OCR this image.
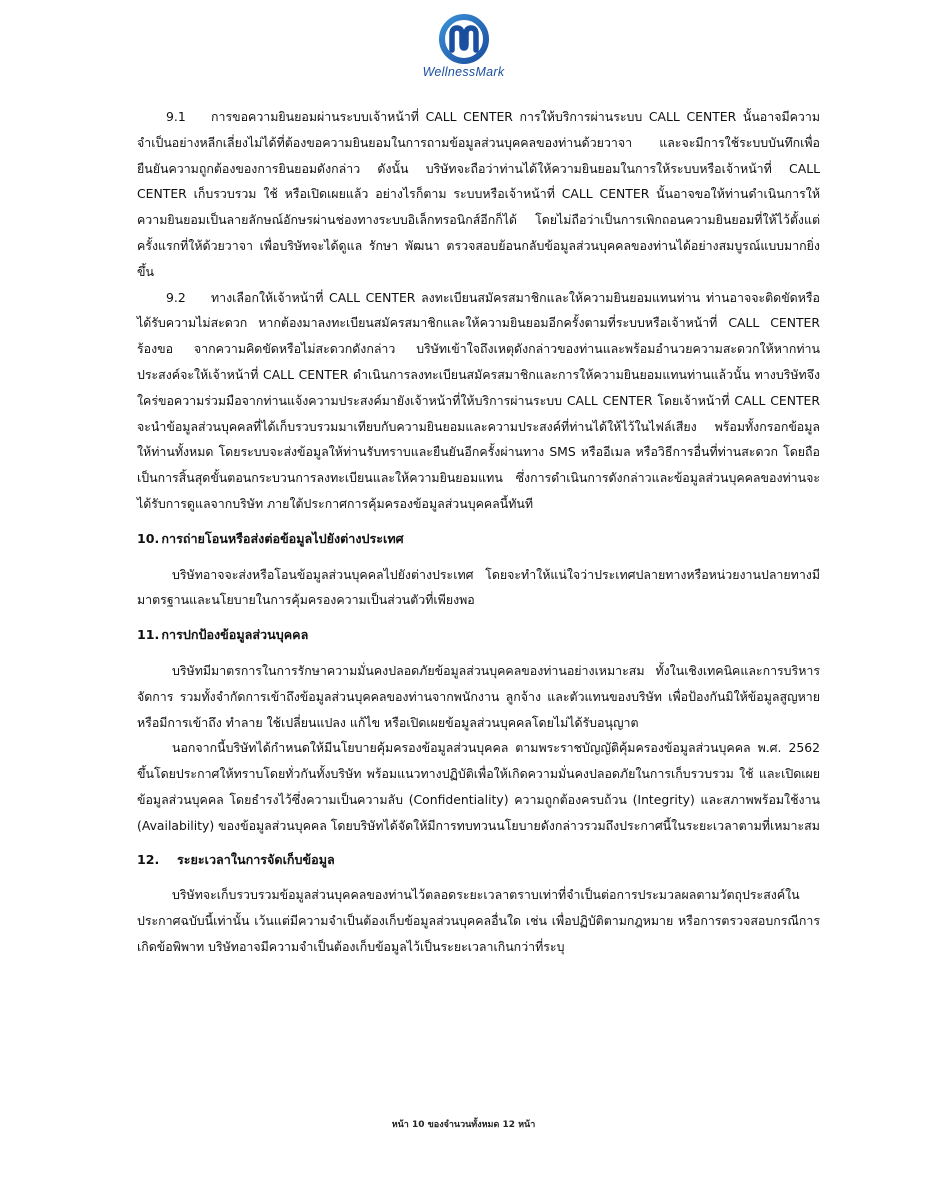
WellnessMark

9.1 การขอความยินยอมผ่านระบบเจ้าหน้าที่ CALL CENTER การให้บริการผ่านระบบ CALL CENTER นั้นอาจมีความจำเป็นอย่างหลีกเลี่ยงไม่ได้ที่ต้องขอความยินยอมในการถามข้อมูลส่วนบุคคลของท่านด้วยวาจา และจะมีการใช้ระบบบันทึกเพื่อยืนยันความถูกต้องของการยินยอมดังกล่าว ดังนั้น บริษัทจะถือว่าท่านได้ให้ความยินยอมในการให้ระบบหรือเจ้าหน้าที่ CALL CENTER เก็บรวบรวม ใช้ หรือเปิดเผยแล้ว อย่างไรก็ตาม ระบบหรือเจ้าหน้าที่ CALL CENTER นั้นอาจขอให้ท่านดำเนินการให้ความยินยอมเป็นลายลักษณ์อักษรผ่านช่องทางระบบอิเล็กทรอนิกส์อีกก็ได้ โดยไม่ถือว่าเป็นการเพิกถอนความยินยอมที่ให้ไว้ตั้งแต่ครั้งแรกที่ให้ด้วยวาจา เพื่อบริษัทจะได้ดูแล รักษา พัฒนา ตรวจสอบย้อนกลับข้อมูลส่วนบุคคลของท่านได้อย่างสมบูรณ์แบบมากยิ่งขึ้น

9.2 ทางเลือกให้เจ้าหน้าที่ CALL CENTER ลงทะเบียนสมัครสมาชิกและให้ความยินยอมแทนท่าน ท่านอาจจะติดขัดหรือได้รับความไม่สะดวก หากต้องมาลงทะเบียนสมัครสมาชิกและให้ความยินยอมอีกครั้งตามที่ระบบหรือเจ้าหน้าที่ CALL CENTER ร้องขอ จากความคิดขัดหรือไม่สะดวกดังกล่าว บริษัทเข้าใจถึงเหตุดังกล่าวของท่านและพร้อมอำนวยความสะดวกให้หากท่านประสงค์จะให้เจ้าหน้าที่ CALL CENTER ดำเนินการลงทะเบียนสมัครสมาชิกและการให้ความยินยอมแทนท่านแล้วนั้น ทางบริษัทจึงใคร่ขอความร่วมมือจากท่านแจ้งความประสงค์มายังเจ้าหน้าที่ให้บริการผ่านระบบ CALL CENTER โดยเจ้าหน้าที่ CALL CENTER จะนำข้อมูลส่วนบุคคลที่ได้เก็บรวบรวมมาเทียบกับความยินยอมและความประสงค์ที่ท่านได้ให้ไว้ในไฟล์เสียง พร้อมทั้งกรอกข้อมูลให้ท่านทั้งหมด โดยระบบจะส่งข้อมูลให้ท่านรับทราบและยืนยันอีกครั้งผ่านทาง SMS หรืออีเมล หรือวิธีการอื่นที่ท่านสะดวก โดยถือเป็นการสิ้นสุดขั้นตอนกระบวนการลงทะเบียนและให้ความยินยอมแทน ซึ่งการดำเนินการดังกล่าวและข้อมูลส่วนบุคคลของท่านจะได้รับการดูแลจากบริษัท ภายใต้ประกาศการคุ้มครองข้อมูลส่วนบุคคลนี้ทันที

10. การถ่ายโอนหรือส่งต่อข้อมูลไปยังต่างประเทศ

บริษัทอาจจะส่งหรือโอนข้อมูลส่วนบุคคลไปยังต่างประเทศ โดยจะทำให้แน่ใจว่าประเทศปลายทางหรือหน่วยงานปลายทางมีมาตรฐานและนโยบายในการคุ้มครองความเป็นส่วนตัวที่เพียงพอ

11. การปกป้องข้อมูลส่วนบุคคล

บริษัทมีมาตรการในการรักษาความมั่นคงปลอดภัยข้อมูลส่วนบุคคลของท่านอย่างเหมาะสม ทั้งในเชิงเทคนิคและการบริหารจัดการ รวมทั้งจำกัดการเข้าถึงข้อมูลส่วนบุคคลของท่านจากพนักงาน ลูกจ้าง และตัวแทนของบริษัท เพื่อป้องกันมิให้ข้อมูลสูญหาย หรือมีการเข้าถึง ทำลาย ใช้เปลี่ยนแปลง แก้ไข หรือเปิดเผยข้อมูลส่วนบุคคลโดยไม่ได้รับอนุญาต

นอกจากนี้บริษัทได้กำหนดให้มีนโยบายคุ้มครองข้อมูลส่วนบุคคล ตามพระราชบัญญัติคุ้มครองข้อมูลส่วนบุคคล พ.ศ. 2562 ขึ้นโดยประกาศให้ทราบโดยทั่วกันทั้งบริษัท พร้อมแนวทางปฏิบัติเพื่อให้เกิดความมั่นคงปลอดภัยในการเก็บรวบรวม ใช้ และเปิดเผยข้อมูลส่วนบุคคล โดยธำรงไว้ซึ่งความเป็นความลับ (Confidentiality) ความถูกต้องครบถ้วน (Integrity) และสภาพพร้อมใช้งาน (Availability) ของข้อมูลส่วนบุคคล โดยบริษัทได้จัดให้มีการทบทวนนโยบายดังกล่าวรวมถึงประกาศนี้ในระยะเวลาตามที่เหมาะสม

12. ระยะเวลาในการจัดเก็บข้อมูล

บริษัทจะเก็บรวบรวมข้อมูลส่วนบุคคลของท่านไว้ตลอดระยะเวลาตราบเท่าที่จำเป็นต่อการประมวลผลตามวัตถุประสงค์ในประกาศฉบับนี้เท่านั้น เว้นแต่มีความจำเป็นต้องเก็บข้อมูลส่วนบุคคลอื่นใด เช่น เพื่อปฏิบัติตามกฎหมาย หรือการตรวจสอบกรณีการเกิดข้อพิพาท บริษัทอาจมีความจำเป็นต้องเก็บข้อมูลไว้เป็นระยะเวลาเกินกว่าที่ระบุ

หน้า 10 ของจำนวนทั้งหมด 12 หน้า
